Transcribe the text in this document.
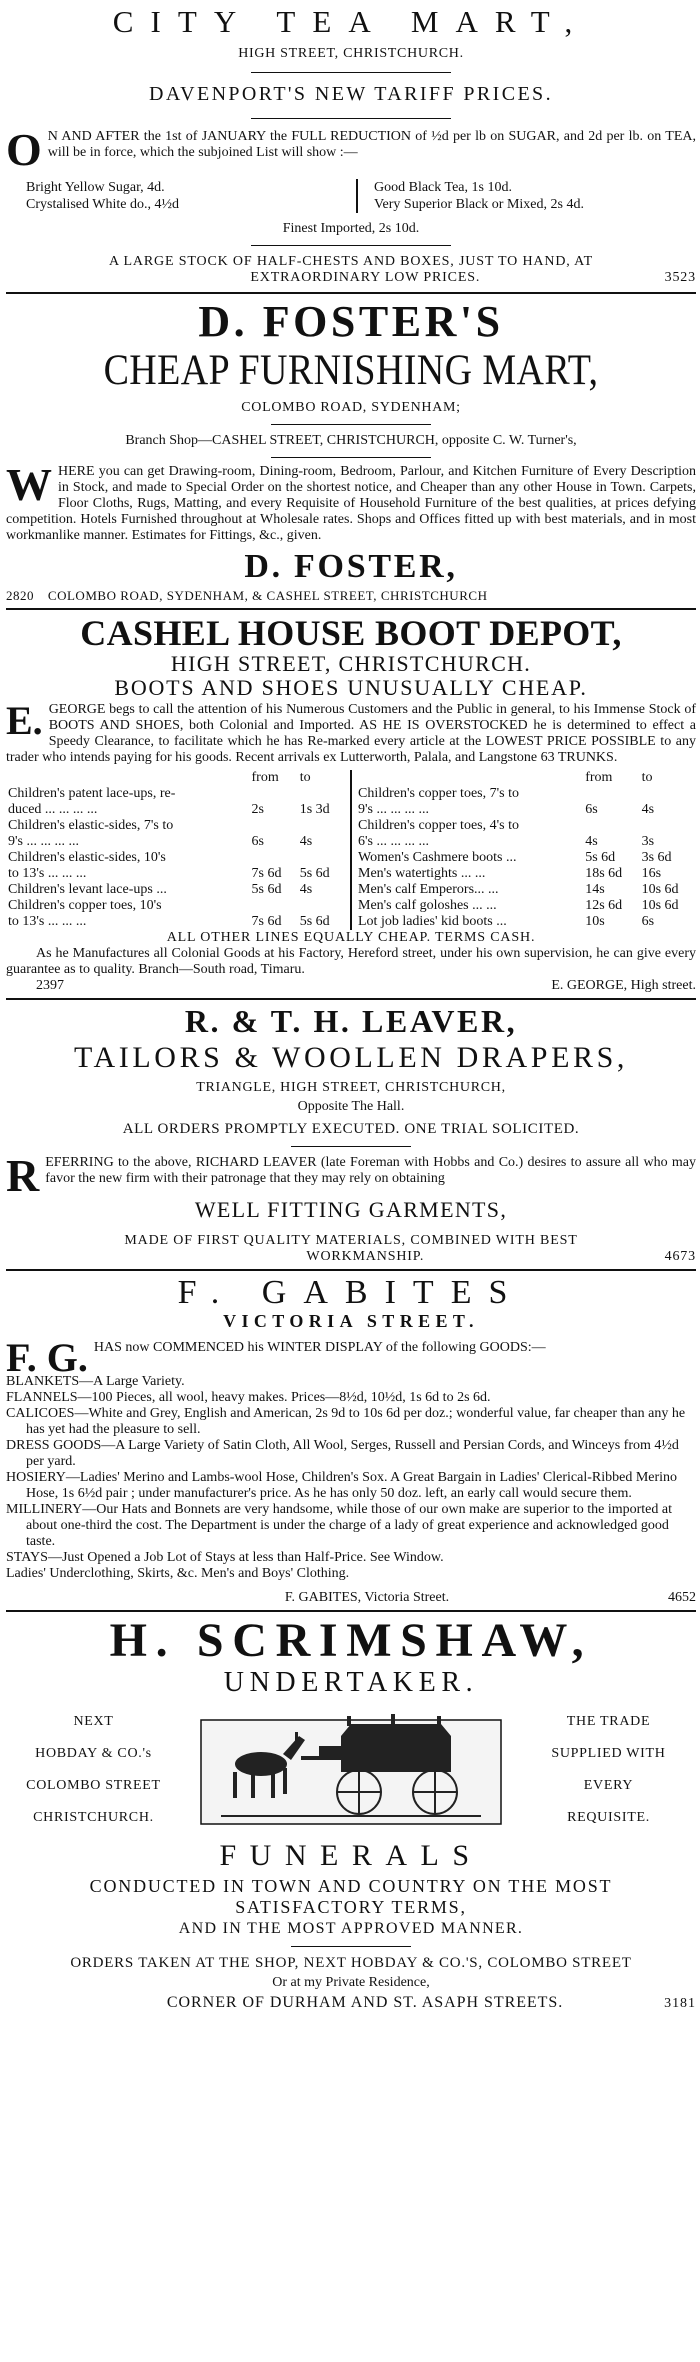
CITY TEA MART,
HIGH STREET, CHRISTCHURCH.
DAVENPORT'S NEW TARIFF PRICES.
O N AND AFTER the 1st of JANUARY the FULL REDUCTION of ½d per lb on SUGAR, and 2d per lb. on TEA, will be in force, which the subjoined List will show :—
Bright Yellow Sugar, 4d.
Crystalised White do., 4½d
Good Black Tea, 1s 10d.
Very Superior Black or Mixed, 2s 4d.
Finest Imported, 2s 10d.
A LARGE STOCK OF HALF-CHESTS AND BOXES, JUST TO HAND, AT
EXTRAORDINARY LOW PRICES.	3523
D. FOSTER'S
CHEAP FURNISHING MART,
COLOMBO ROAD, SYDENHAM;
Branch Shop—CASHEL STREET, CHRISTCHURCH, opposite C. W. Turner's,
W HERE you can get Drawing-room, Dining-room, Bedroom, Parlour, and Kitchen Furniture of Every Description in Stock, and made to Special Order on the shortest notice, and Cheaper than any other House in Town. Carpets, Floor Cloths, Rugs, Matting, and every Requisite of Household Furniture of the best qualities, at prices defying competition. Hotels Furnished throughout at Wholesale rates. Shops and Offices fitted up with best materials, and in most workmanlike manner. Estimates for Fittings, &c., given.
D. FOSTER,
2820 COLOMBO ROAD, SYDENHAM, & CASHEL STREET, CHRISTCHURCH
CASHEL HOUSE BOOT DEPOT,
HIGH STREET, CHRISTCHURCH.
BOOTS AND SHOES UNUSUALLY CHEAP.
E. GEORGE begs to call the attention of his Numerous Customers and the Public in general, to his Immense Stock of BOOTS AND SHOES, both Colonial and Imported. AS HE IS OVERSTOCKED he is determined to effect a Speedy Clearance, to facilitate which he has Re-marked every article at the LOWEST PRICE POSSIBLE to any trader who intends paying for his goods. Recent arrivals ex Lutterworth, Palala, and Langstone 63 TRUNKS.
	from	to
Children's patent lace-ups, re-		
duced ... ... ... ...	2s	1s 3d
Children's elastic-sides, 7's to		
9's ... ... ... ...	6s	4s
Children's elastic-sides, 10's		
to 13's ... ... ...	7s 6d	5s 6d
Children's levant lace-ups ...	5s 6d	4s
Children's copper toes, 10's		
to 13's ... ... ...	7s 6d	5s 6d
	from	to
Children's copper toes, 7's to		
9's ... ... ... ...	6s	4s
Children's copper toes, 4's to		
6's ... ... ... ...	4s	3s
Women's Cashmere boots ...	5s 6d	3s 6d
Men's watertights ... ...	18s 6d	16s
Men's calf Emperors... ...	14s	10s 6d
Men's calf goloshes ... ...	12s 6d	10s 6d
Lot job ladies' kid boots ...	10s	6s
ALL OTHER LINES EQUALLY CHEAP. TERMS CASH.
As he Manufactures all Colonial Goods at his Factory, Hereford street, under his own supervision, he can give every guarantee as to quality. Branch—South road, Timaru.
2397	E. GEORGE, High street.
R. & T. H. LEAVER,
TAILORS & WOOLLEN DRAPERS,
TRIANGLE, HIGH STREET, CHRISTCHURCH,
Opposite The Hall.
ALL ORDERS PROMPTLY EXECUTED. ONE TRIAL SOLICITED.
R EFERRING to the above, RICHARD LEAVER (late Foreman with Hobbs and Co.) desires to assure all who may favor the new firm with their patronage that they may rely on obtaining
WELL FITTING GARMENTS,
MADE OF FIRST QUALITY MATERIALS, COMBINED WITH BEST
WORKMANSHIP.	4673
F. GABITES
VICTORIA STREET.
F. G. HAS now COMMENCED his WINTER DISPLAY of the following GOODS:—
BLANKETS—A Large Variety.
FLANNELS—100 Pieces, all wool, heavy makes. Prices—8½d, 10½d, 1s 6d to 2s 6d.
CALICOES—White and Grey, English and American, 2s 9d to 10s 6d per doz.; wonderful value, far cheaper than any he has yet had the pleasure to sell.
DRESS GOODS—A Large Variety of Satin Cloth, All Wool, Serges, Russell and Persian Cords, and Winceys from 4½d per yard.
HOSIERY—Ladies' Merino and Lambs-wool Hose, Children's Sox. A Great Bargain in Ladies' Clerical-Ribbed Merino Hose, 1s 6½d pair ; under manufacturer's price. As he has only 50 doz. left, an early call would secure them.
MILLINERY—Our Hats and Bonnets are very handsome, while those of our own make are superior to the imported at about one-third the cost. The Department is under the charge of a lady of great experience and acknowledged good taste.
STAYS—Just Opened a Job Lot of Stays at less than Half-Price. See Window.
Ladies' Underclothing, Skirts, &c. Men's and Boys' Clothing.
F. GABITES, Victoria Street.	4652
H. SCRIMSHAW,
UNDERTAKER.
NEXT
HOBDAY & CO.'s
COLOMBO STREET
CHRISTCHURCH.
THE TRADE
SUPPLIED WITH
EVERY
REQUISITE.
FUNERALS
CONDUCTED IN TOWN AND COUNTRY ON THE MOST
SATISFACTORY TERMS,
AND IN THE MOST APPROVED MANNER.
ORDERS TAKEN AT THE SHOP, NEXT HOBDAY & CO.'S, COLOMBO STREET
Or at my Private Residence,
CORNER OF DURHAM AND ST. ASAPH STREETS.	3181
